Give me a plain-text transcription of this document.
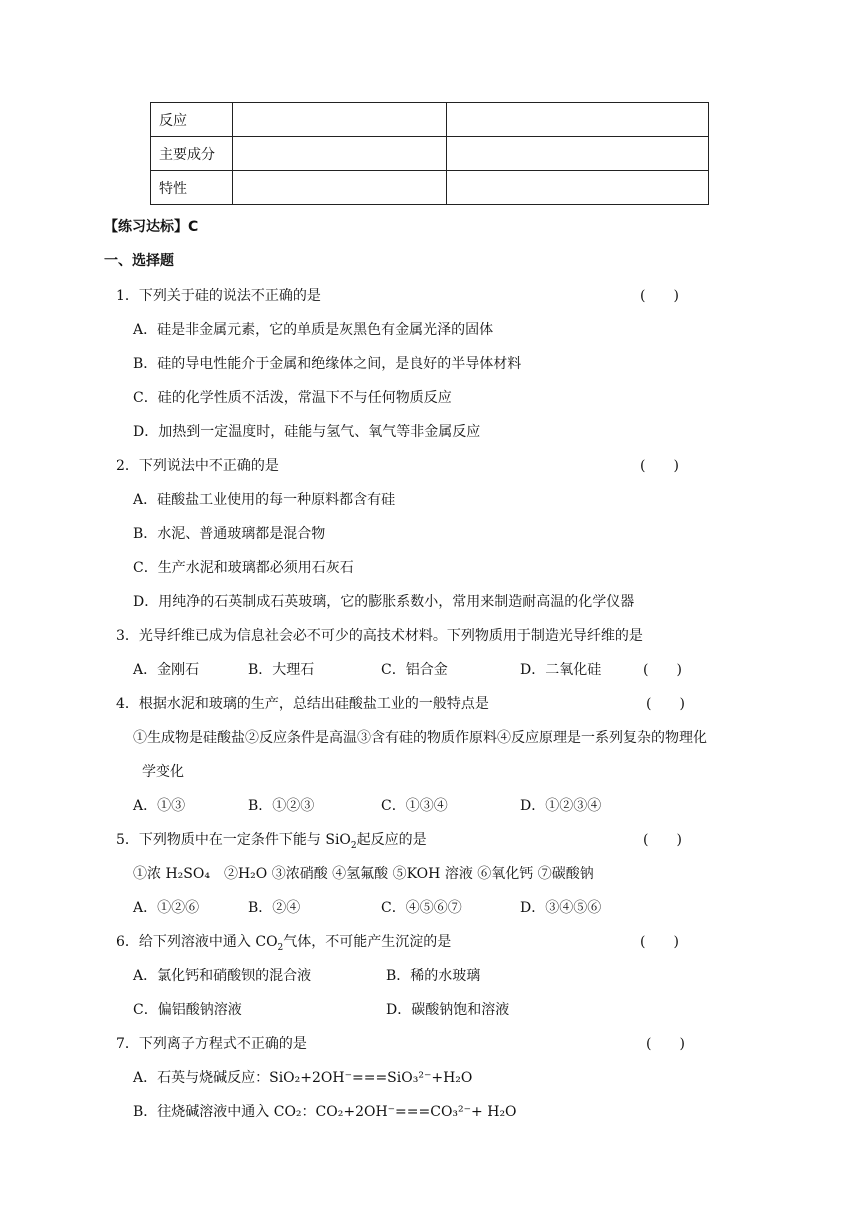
反应		
主要成分		
特性		
【练习达标】C
一、选择题
1．下列关于硅的说法不正确的是	(　　)
A．硅是非金属元素，它的单质是灰黑色有金属光泽的固体
B．硅的导电性能介于金属和绝缘体之间，是良好的半导体材料
C．硅的化学性质不活泼，常温下不与任何物质反应
D．加热到一定温度时，硅能与氢气、氧气等非金属反应
2．下列说法中不正确的是	(　　)
A．硅酸盐工业使用的每一种原料都含有硅
B．水泥、普通玻璃都是混合物
C．生产水泥和玻璃都必须用石灰石
D．用纯净的石英制成石英玻璃，它的膨胀系数小，常用来制造耐高温的化学仪器
3．光导纤维已成为信息社会必不可少的高技术材料。下列物质用于制造光导纤维的是
A．金刚石	B．大理石	C．铝合金	D．二氧化硅	(　　)
4．根据水泥和玻璃的生产，总结出硅酸盐工业的一般特点是	(　　)
①生成物是硅酸盐②反应条件是高温③含有硅的物质作原料④反应原理是一系列复杂的物理化
学变化
A．①③	B．①②③	C．①③④	D．①②③④
5．下列物质中在一定条件下能与 SiO$_2$起反应的是	(　　)
①浓 H₂SO₄　②H₂O ③浓硝酸 ④氢氟酸 ⑤KOH 溶液 ⑥氧化钙 ⑦碳酸钠
A．①②⑥	B．②④	C．④⑤⑥⑦	D．③④⑤⑥
6．给下列溶液中通入 $CO_2$气体，不可能产生沉淀的是	(　　)
A．氯化钙和硝酸钡的混合液	B．稀的水玻璃
C．偏铝酸钠溶液	D．碳酸钠饱和溶液
7．下列离子方程式不正确的是	(　　)
A．石英与烧碱反应：SiO₂+2OH⁻===SiO₃²⁻+H₂O
B．往烧碱溶液中通入 CO₂：CO₂+2OH⁻===CO₃²⁻+ H₂O
